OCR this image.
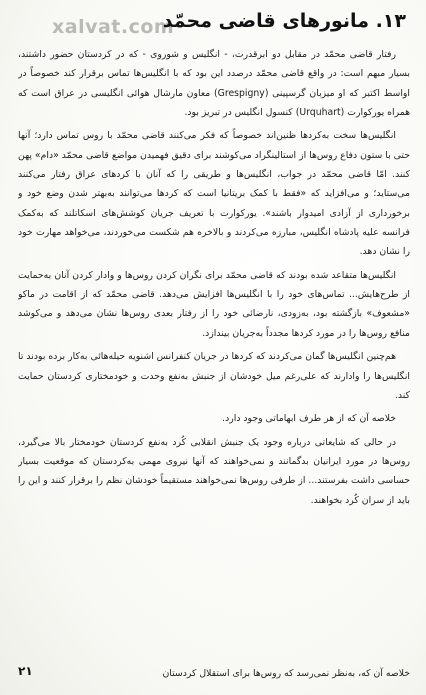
xalvat.com
۱۳. مانورهای قاضی محمّد

رفتار قاضی محمّد در مقابل دو ابرقدرت، - انگلیس و شوروی - که در کردستان حضور داشتند، بسیار مبهم است: در واقع قاضی محمّد درصدد این بود که با انگلیس‌ها تماس برقرار کند خصوصاً در اواسط اکتبر که او میزبان گرسپینی (Grespigny) معاون مارشال هوائی انگلیسی در عراق است که همراه یورکوارت (Urquhart) کنسول انگلیس در تبریز بود.

انگلیس‌ها سخت به‌کردها ظنین‌اند خصوصاً که فکر می‌کنند قاضی محمّد با روس تماس دارد؛ آنها حتی با ستون دفاع روس‌ها از استالینگراد می‌کوشند برای دقیق فهمیدن مواضع قاضی محمّد «دام» پهن کنند. امّا قاضی محمّد در جواب، انگلیس‌ها و طریقی را که آنان با کردهای عراق رفتار می‌کنند می‌ستاید؛ و می‌افزاید که «فقط با کمک بریتانیا است که کردها می‌توانند به‌بهتر شدن وضع خود و برخورداری از آزادی امیدوار باشند». یورکوارت با تعریف جریان کوشش‌های اسکاتلند که به‌کمک فرانسه علیه پادشاه انگلیس، مبارزه می‌کردند و بالاخره هم شکست می‌خوردند، می‌خواهد مهارت خود را نشان دهد.

انگلیس‌ها متقاعد شده بودند که قاضی محمّد برای نگران کردن روس‌ها و وادار کردن آنان به‌حمایت از طرح‌هایش... تماس‌های خود را با انگلیس‌ها افزایش می‌دهد. قاضی محمّد که از اقامت در ماکو «مشعوف» بازگشته بود، به‌زودی، نارضائی خود را از رفتار بعدی روس‌ها نشان می‌دهد و می‌کوشد منافع روس‌ها را در مورد کردها مجدداً به‌جریان بیندازد.

هم‌چنین انگلیس‌ها گمان می‌کردند که کردها در جریان کنفرانس اشنویه حیله‌هائی به‌کار برده بودند تا انگلیس‌ها را وادارند که علی‌رغم میل خودشان از جنبش به‌نفع وحدت و خودمختاری کردستان حمایت کند.

خلاصه آن که از هر طرف ابهاماتی وجود دارد.

در حالی که شایعاتی درباره وجود یک جنبش انقلابی کُرد به‌نفع کردستان خودمختار بالا می‌گیرد، روس‌ها در مورد ایرانیان بدگمانند و نمی‌خواهند که آنها نیروی مهمی به‌کردستان که موقعیت بسیار حساسی داشت بفرستند... از طرفی روس‌ها نمی‌خواهند مستقیماً خودشان نظم را برقرار کنند و این را باید از سران کُرد بخواهند.

خلاصه آن که، به‌نظر نمی‌رسد که روس‌ها برای استقلال کردستان
۲۱
